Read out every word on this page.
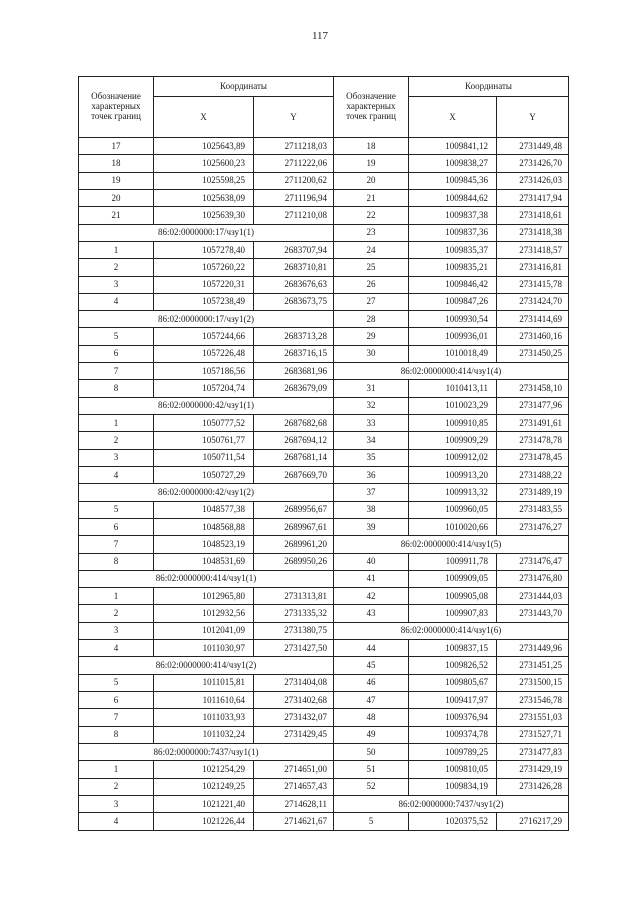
117
Обозначение характерных точек границ	Координаты	
	X	Y
17	1025643,89	2711218,03
18	1025600,23	2711222,06
19	1025598,25	2711200,62
20	1025638,09	2711196,94
21	1025639,30	2711210,08
86:02:0000000:17/чзу1(1)		
1	1057278,40	2683707,94
2	1057260,22	2683710,81
3	1057220,31	2683676,63
4	1057238,49	2683673,75
86:02:0000000:17/чзу1(2)		
5	1057244,66	2683713,28
6	1057226,48	2683716,15
7	1057186,56	2683681,96
8	1057204,74	2683679,09
86:02:0000000:42/чзу1(1)		
1	1050777,52	2687682,68
2	1050761,77	2687694,12
3	1050711,54	2687681,14
4	1050727,29	2687669,70
86:02:0000000:42/чзу1(2)		
5	1048577,38	2689956,67
6	1048568,88	2689967,61
7	1048523,19	2689961,20
8	1048531,69	2689950,26
86:02:0000000:414/чзу1(1)		
1	1012965,80	2731313,81
2	1012932,56	2731335,32
3	1012041,09	2731380,75
4	1011030,97	2731427,50
86:02:0000000:414/чзу1(2)		
5	1011015,81	2731404,08
6	1011610,64	2731402,68
7	1011033,93	2731432,07
8	1011032,24	2731429,45
86:02:0000000:7437/чзу1(1)		
1	1021254,29	2714651,00
2	1021249,25	2714657,43
3	1021221,40	2714628,11
4	1021226,44	2714621,67
Обозначение характерных точек границ	Координаты	
	X	Y
18	1009841,12	2731449,48
19	1009838,27	2731426,70
20	1009845,36	2731426,03
21	1009844,62	2731417,94
22	1009837,38	2731418,61
23	1009837,36	2731418,38
24	1009835,37	2731418,57
25	1009835,21	2731416,81
26	1009846,42	2731415,78
27	1009847,26	2731424,70
28	1009930,54	2731414,69
29	1009936,01	2731460,16
30	1010018,49	2731450,25
86:02:0000000:414/чзу1(4)		
31	1010413,11	2731458,10
32	1010023,29	2731477,96
33	1009910,85	2731491,61
34	1009909,29	2731478,78
35	1009912,02	2731478,45
36	1009913,20	2731488,22
37	1009913,32	2731489,19
38	1009960,05	2731483,55
39	1010020,66	2731476,27
86:02:0000000:414/чзу1(5)		
40	1009911,78	2731476,47
41	1009909,05	2731476,80
42	1009905,08	2731444,03
43	1009907,83	2731443,70
86:02:0000000:414/чзу1(6)		
44	1009837,15	2731449,96
45	1009826,52	2731451,25
46	1009805,67	2731500,15
47	1009417,97	2731546,78
48	1009376,94	2731551,03
49	1009374,78	2731527,71
50	1009789,25	2731477,83
51	1009810,05	2731429,19
52	1009834,19	2731426,28
86:02:0000000:7437/чзу1(2)		
5	1020375,52	2716217,29
